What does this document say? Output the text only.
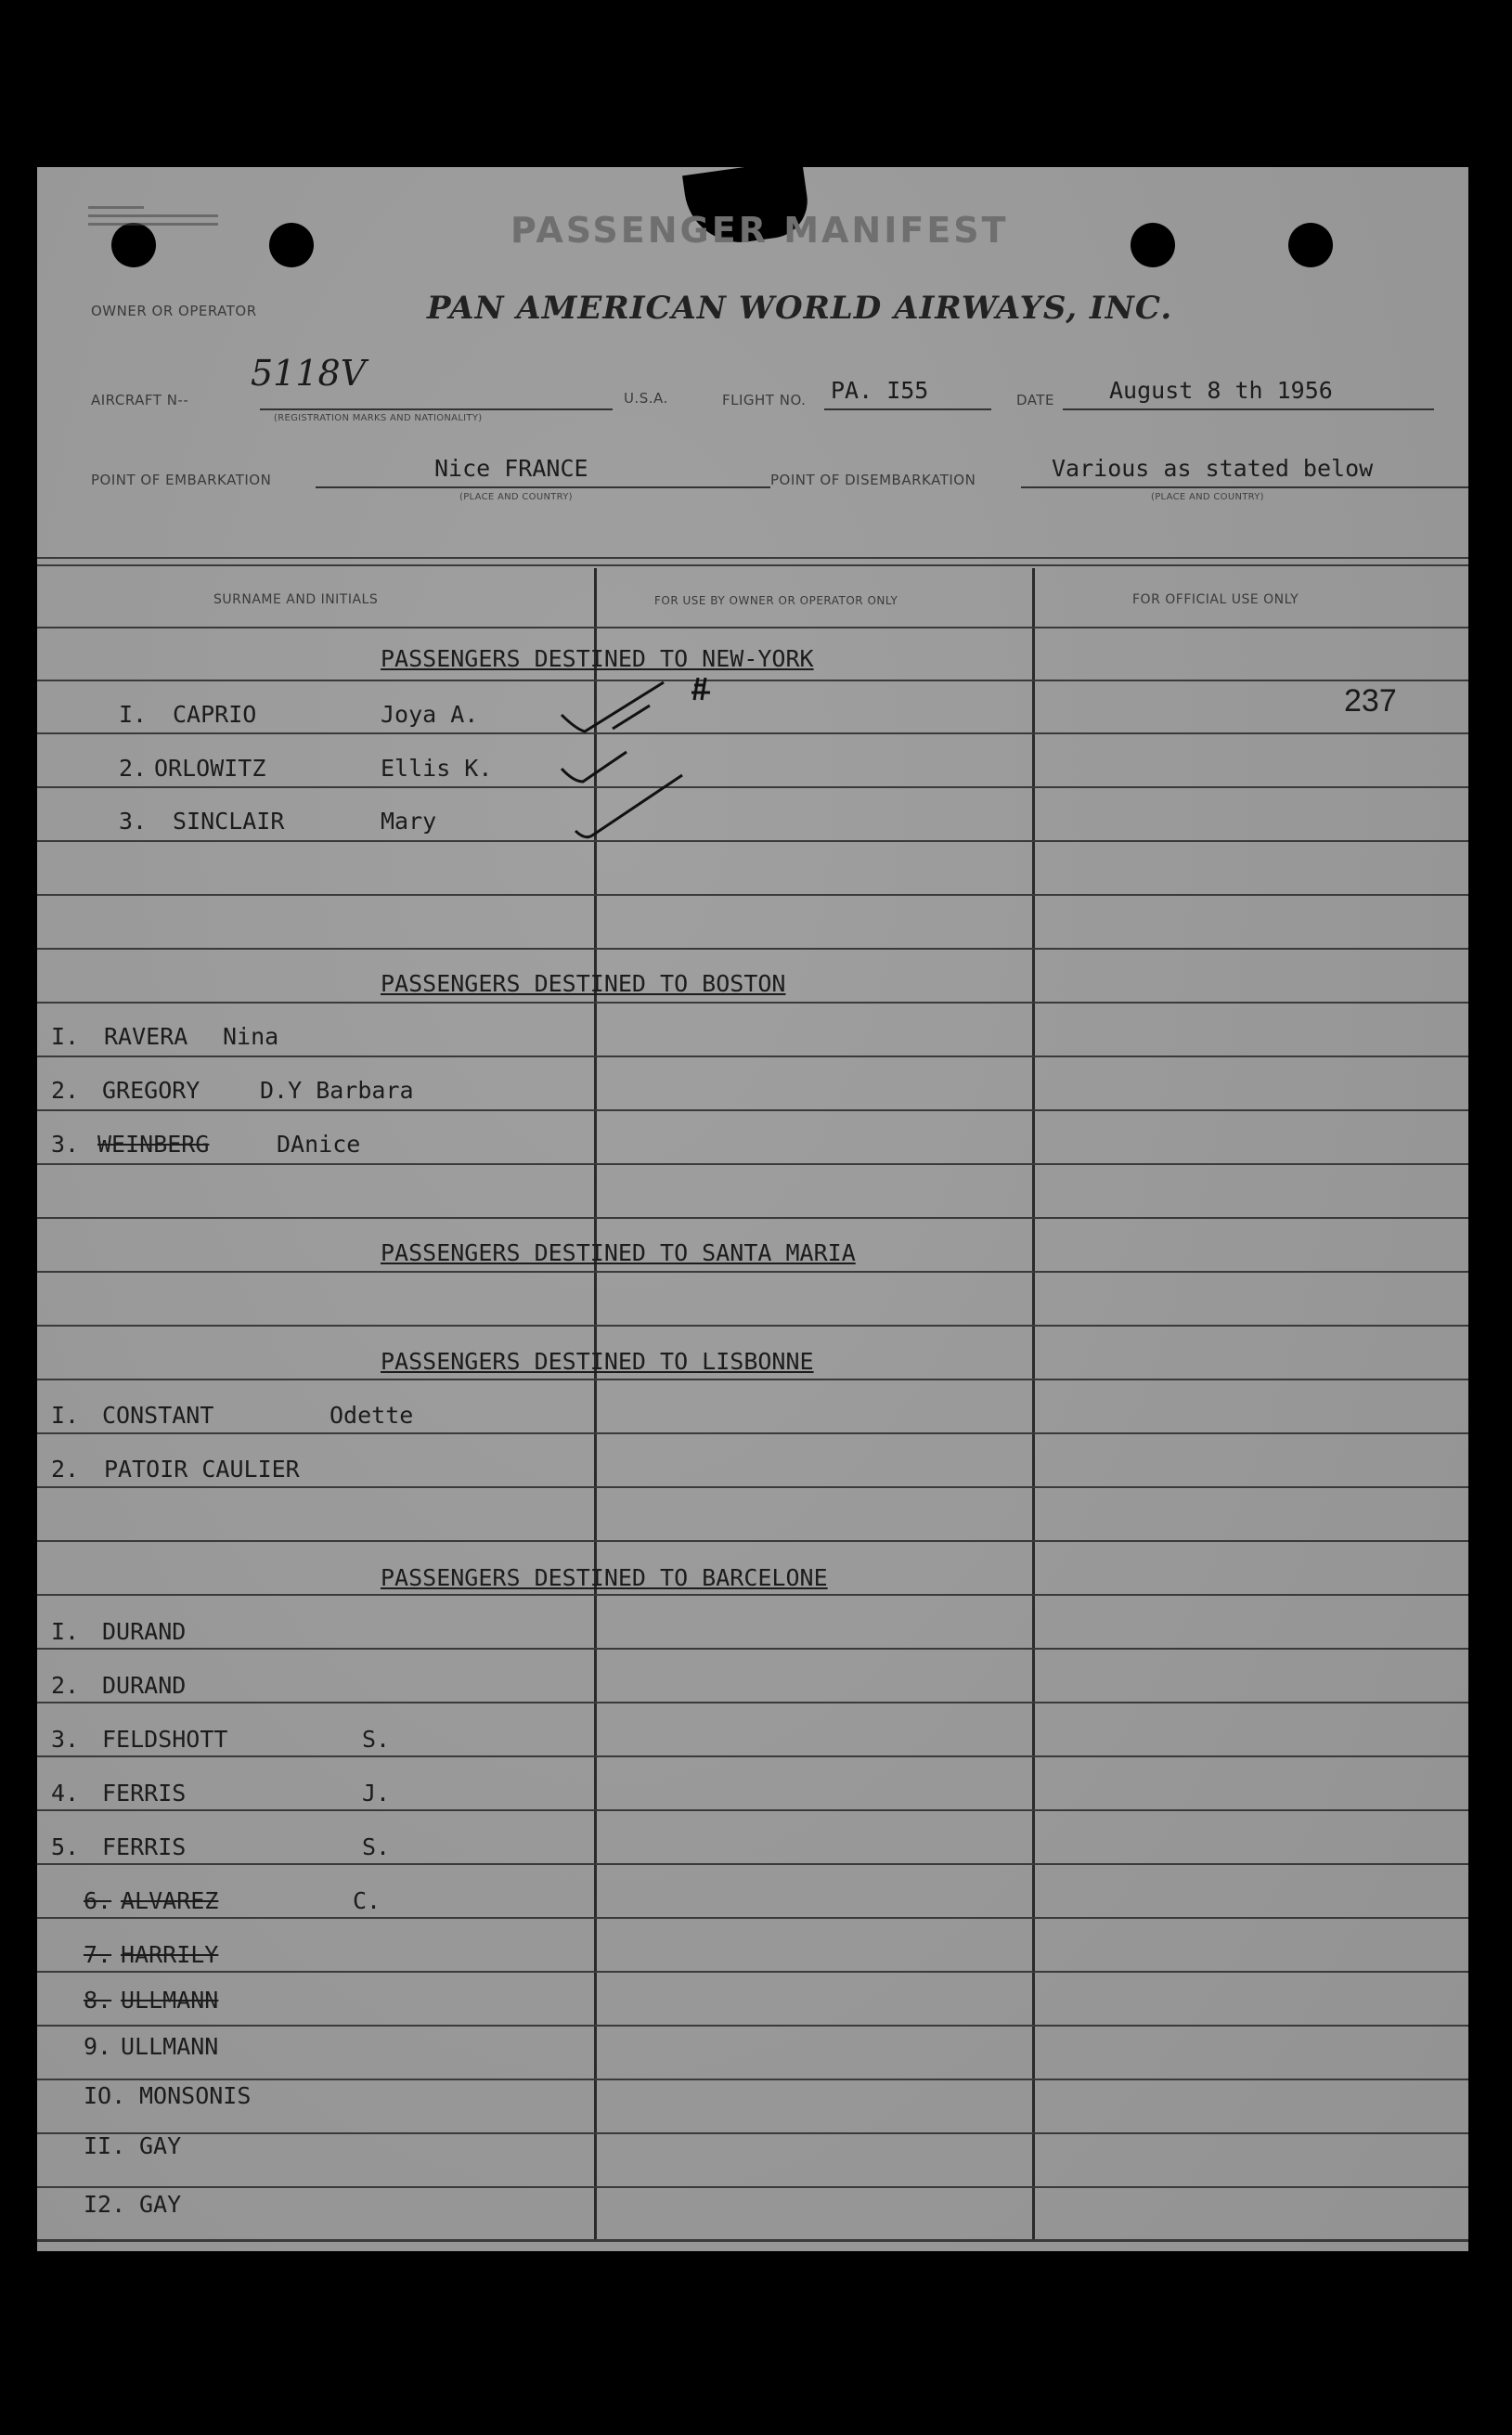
PASSENGER MANIFEST
OWNER OR OPERATOR	PAN AMERICAN WORLD AIRWAYS, INC.
AIRCRAFT N--
5118V
(REGISTRATION MARKS AND NATIONALITY)
U.S.A.	FLIGHT NO. PA. I55	DATE August 8 th 1956
POINT OF EMBARKATION	Nice FRANCE
(PLACE AND COUNTRY)
POINT OF DISEMBARKATION	Various as stated below
(PLACE AND COUNTRY)
SURNAME AND INITIALS	FOR USE BY OWNER OR OPERATOR ONLY	FOR OFFICIAL USE ONLY
237
PASSENGERS DESTINED TO NEW-YORK
I. CAPRIO	Joya A.
2. ORLOWITZ	Ellis K.
3. SINCLAIR	Mary
PASSENGERS DESTINED TO BOSTON
I. RAVERA Nina
2. GREGORY	D.Y Barbara
3. WEINBERG	DAnice
PASSENGERS DESTINED TO SANTA MARIA
PASSENGERS DESTINED TO LISBONNE
I. CONSTANT	Odette
2. PATOIR CAULIER
PASSENGERS DESTINED TO BARCELONE
I. DURAND
2. DURAND
3. FELDSHOTT	S.
4. FERRIS	J.
5. FERRIS	S.
6. ALVAREZ	C.
7. HARRILY
8. ULLMANN
9. ULLMANN
IO. MONSONIS
II. GAY
I2. GAY
